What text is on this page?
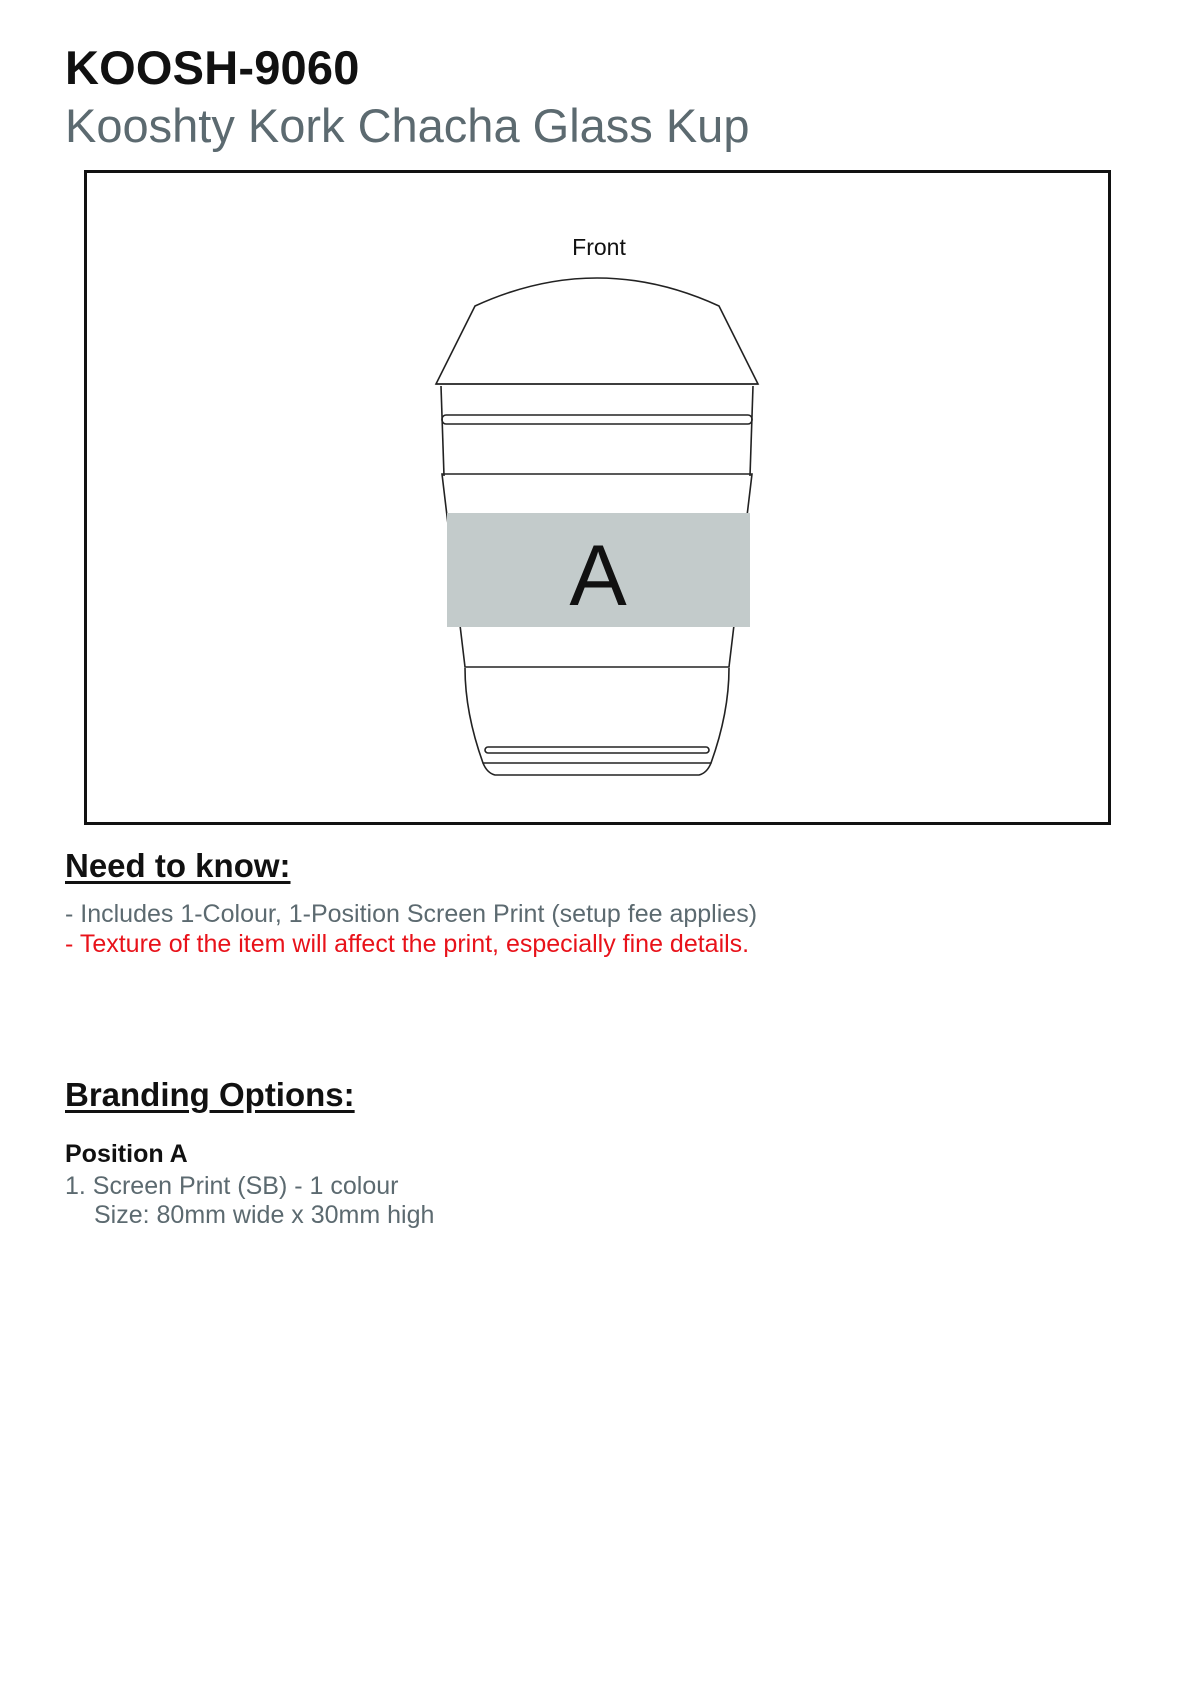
KOOSH-9060
Kooshty Kork Chacha Glass Kup
Front
A
Need to know:
- Includes 1-Colour, 1-Position Screen Print (setup fee applies)
- Texture of the item will affect the print, especially fine details.
Branding Options:
Position A
1. Screen Print (SB) - 1 colour
Size: 80mm wide x 30mm high
